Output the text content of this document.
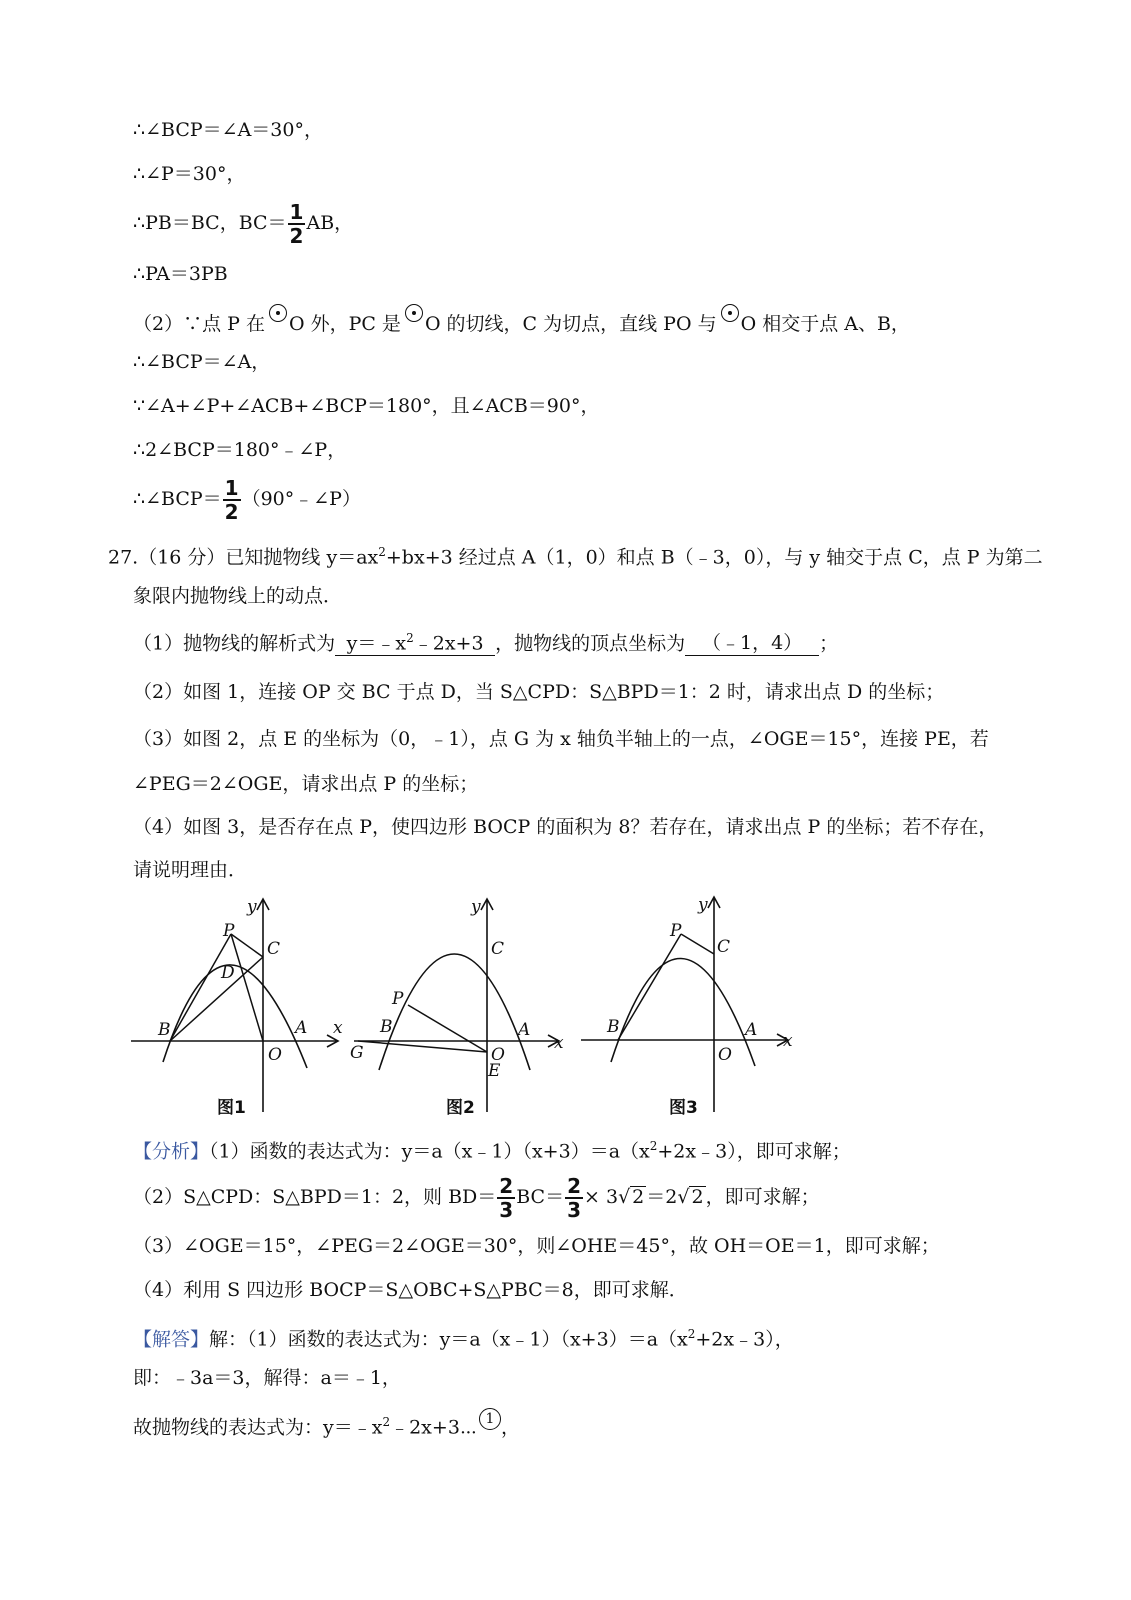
∴∠BCP＝∠A＝30°，
∴∠P＝30°，
∴PB＝BC，$BC= \frac{1}{2}$ AB，
∴PA＝3PB
（2）∵点 P 在 O 外，PC 是 O 的切线，C 为切点，直线 PO 与 O 相交于点 A、B，
∴∠BCP＝∠A，
∵∠A+∠P+∠ACB+∠BCP＝180°，且∠ACB＝90°，
∴2∠BCP＝180°﹣∠P，
∴∠BCP＝ $\frac{1}{2}$ （90°﹣∠P）
27.（16 分）已知抛物线 $y=ax^2+bx+3$ 经过点 A（1，0）和点 B（﹣3，0），与 y 轴交于点 C，点 P 为第二
象限内抛物线上的动点．
（1）抛物线的解析式为 $y=﹣x^2﹣2x+3$ ，抛物线的顶点坐标为 （﹣1，4） ；
（2）如图 1，连接 OP 交 BC 于点 D，当 S△CPD：S△BPD＝1：2 时，请求出点 D 的坐标；
（3）如图 2，点 E 的坐标为（0，﹣1），点 G 为 x 轴负半轴上的一点，∠OGE＝15°，连接 PE，若
∠PEG＝2∠OGE，请求出点 P 的坐标；
（4）如图 3，是否存在点 P，使四边形 BOCP 的面积为 8？若存在，请求出点 P 的坐标；若不存在，
请说明理由．
y
x
O
A
B
C
P
D
图1
y
x
O
E
A
B
C
P
G
图2
y
x
O
A
B
C
P
图3
【分析】（1）函数的表达式为：$y=a(x﹣1)(x+3)=a(x^2+2x﹣3)$，即可求解；
（2）S△CPD：S△BPD＝1：2，则 $BD= \frac{2}{3} BC= \frac{2}{3} \times 3√$ 2 ＝2√ 2 ，即可求解；
（3）∠OGE＝15°，∠PEG＝2∠OGE＝30°，则∠OHE＝45°，故 OH＝OE＝1，即可求解；
（4）利用 S 四边形 BOCP＝S△OBC+S△PBC＝8，即可求解．
【解答】解：（1）函数的表达式为：$y=a(x﹣1)(x+3)=a(x^2+2x﹣3)$，
即：﹣3a＝3，解得：a＝﹣1，
故抛物线的表达式为：$y=﹣x^2﹣2x+3\cdots$ 1 ，
